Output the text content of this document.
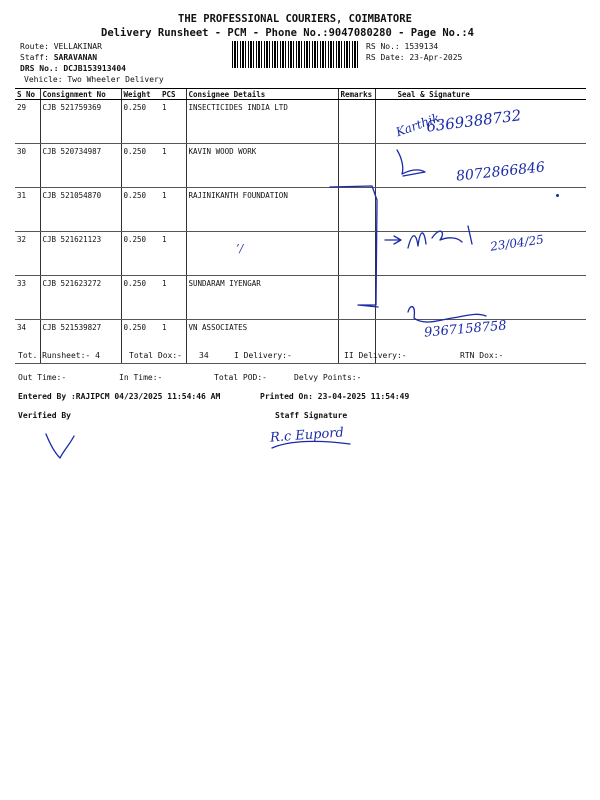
THE PROFESSIONAL COURIERS, COIMBATORE
Delivery Runsheet - PCM - Phone No.:9047080280 - Page No.:4
Route: VELLAKINAR
Staff: SARAVANAN
DRS No.: DCJB153913404
Vehicle: Two Wheeler Delivery
RS No.: 1539134
RS Date: 23-Apr-2025
S No	Consignment No	Weight	PCS	Consignee Details	Remarks	Seal & Signature
29	CJB 521759369	0.250	1	INSECTICIDES INDIA LTD		
30	CJB 520734987	0.250	1	KAVIN WOOD WORK		
31	CJB 521054870	0.250	1	RAJINIKANTH FOUNDATION		
32	CJB 521621123	0.250	1			
33	CJB 521623272	0.250	1	SUNDARAM IYENGAR		
34	CJB 521539827	0.250	1	VN ASSOCIATES		
Tot. Runsheet:- 4	Total Dox:- 34	I Delivery:-	II Delivery:-	RTN Dox:-
Out Time:-	In Time:-	Total POD:-	Delvy Points:-
Entered By :RAJIPCM 04/23/2025 11:54:46 AM	Printed On: 23-04-2025 11:54:49
Verified By	Staff Signature
Karthik
6369388732
8072866846
’/	23/04/25
9367158758
R.c Eupord
